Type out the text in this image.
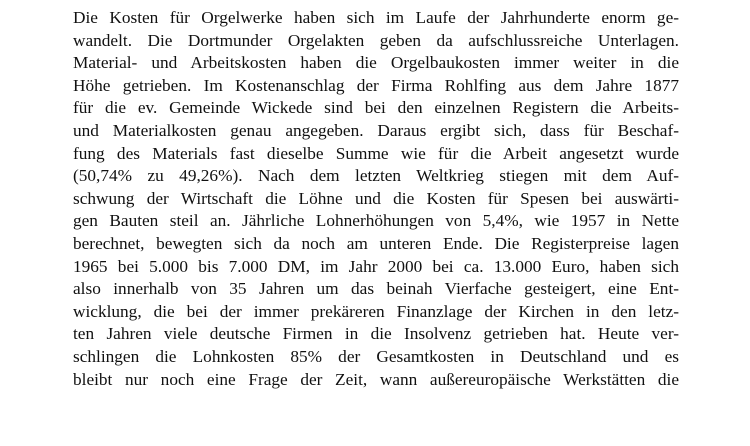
Die Kosten für Orgelwerke haben sich im Laufe der Jahrhunderte enorm ge-
wandelt. Die Dortmunder Orgelakten geben da aufschlussreiche Unterlagen.
Material- und Arbeitskosten haben die Orgelbaukosten immer weiter in die
Höhe getrieben. Im Kostenanschlag der Firma Rohlfing aus dem Jahre 1877
für die ev. Gemeinde Wickede sind bei den einzelnen Registern die Arbeits-
und Materialkosten genau angegeben. Daraus ergibt sich, dass für Beschaf-
fung des Materials fast dieselbe Summe wie für die Arbeit angesetzt wurde
(50,74% zu 49,26%). Nach dem letzten Weltkrieg stiegen mit dem Auf-
schwung der Wirtschaft die Löhne und die Kosten für Spesen bei auswärti-
gen Bauten steil an. Jährliche Lohnerhöhungen von 5,4%, wie 1957 in Nette
berechnet, bewegten sich da noch am unteren Ende. Die Registerpreise lagen
1965 bei 5.000 bis 7.000 DM, im Jahr 2000 bei ca. 13.000 Euro, haben sich
also innerhalb von 35 Jahren um das beinah Vierfache gesteigert, eine Ent-
wicklung, die bei der immer prekäreren Finanzlage der Kirchen in den letz-
ten Jahren viele deutsche Firmen in die Insolvenz getrieben hat. Heute ver-
schlingen die Lohnkosten 85% der Gesamtkosten in Deutschland und es
bleibt nur noch eine Frage der Zeit, wann außereuropäische Werkstätten die
